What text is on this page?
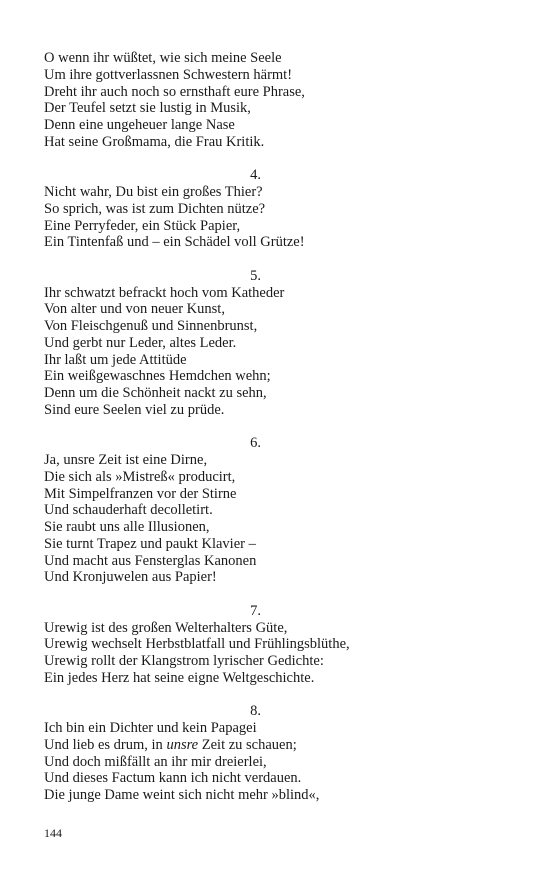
O wenn ihr wüßtet, wie sich meine Seele
Um ihre gottverlassnen Schwestern härmt!
Dreht ihr auch noch so ernsthaft eure Phrase,
Der Teufel setzt sie lustig in Musik,
Denn eine ungeheuer lange Nase
Hat seine Großmama, die Frau Kritik.
4.
Nicht wahr, Du bist ein großes Thier?
So sprich, was ist zum Dichten nütze?
Eine Perryfeder, ein Stück Papier,
Ein Tintenfaß und – ein Schädel voll Grütze!
5.
Ihr schwatzt befrackt hoch vom Katheder
Von alter und von neuer Kunst,
Von Fleischgenuß und Sinnenbrunst,
Und gerbt nur Leder, altes Leder.
Ihr laßt um jede Attitüde
Ein weißgewaschnes Hemdchen wehn;
Denn um die Schönheit nackt zu sehn,
Sind eure Seelen viel zu prüde.
6.
Ja, unsre Zeit ist eine Dirne,
Die sich als »Mistreß« producirt,
Mit Simpelfranzen vor der Stirne
Und schauderhaft decolletirt.
Sie raubt uns alle Illusionen,
Sie turnt Trapez und paukt Klavier –
Und macht aus Fensterglas Kanonen
Und Kronjuwelen aus Papier!
7.
Urewig ist des großen Welterhalters Güte,
Urewig wechselt Herbstblatfall und Frühlingsblüthe,
Urewig rollt der Klangstrom lyrischer Gedichte:
Ein jedes Herz hat seine eigne Weltgeschichte.
8.
Ich bin ein Dichter und kein Papagei
Und lieb es drum, in unsre Zeit zu schauen;
Und doch mißfällt an ihr mir dreierlei,
Und dieses Factum kann ich nicht verdauen.
Die junge Dame weint sich nicht mehr »blind«,
144
